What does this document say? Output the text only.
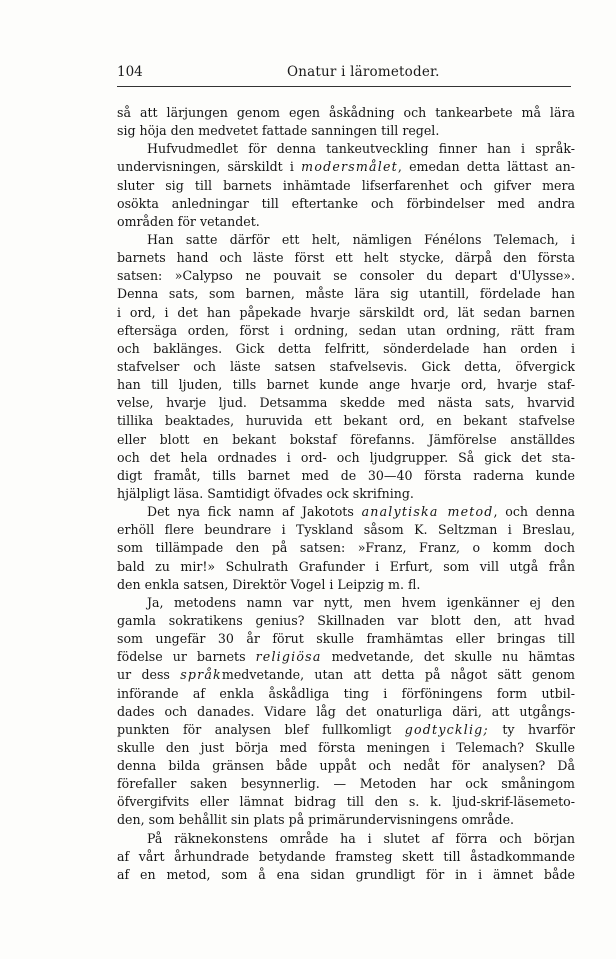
104	Onatur i lärometoder.
så att lärjungen genom egen åskådning och tankearbete må lära
sig höja den medvetet fattade sanningen till regel.
Hufvudmedlet för denna tankeutveckling finner han i språk-
undervisningen, särskildt i modersmålet, emedan detta lättast an-
sluter sig till barnets inhämtade lifserfarenhet och gifver mera
osökta anledningar till eftertanke och förbindelser med andra
områden för vetandet.
Han satte därför ett helt, nämligen Fénélons Telemach, i
barnets hand och läste först ett helt stycke, därpå den första
satsen: »Calypso ne pouvait se consoler du depart d'Ulysse».
Denna sats, som barnen, måste lära sig utantill, fördelade han
i ord, i det han påpekade hvarje särskildt ord, lät sedan barnen
eftersäga orden, först i ordning, sedan utan ordning, rätt fram
och baklänges. Gick detta felfritt, sönderdelade han orden i
stafvelser och läste satsen stafvelsevis. Gick detta, öfvergick
han till ljuden, tills barnet kunde ange hvarje ord, hvarje staf-
velse, hvarje ljud. Detsamma skedde med nästa sats, hvarvid
tillika beaktades, huruvida ett bekant ord, en bekant stafvelse
eller blott en bekant bokstaf förefanns. Jämförelse anställdes
och det hela ordnades i ord- och ljudgrupper. Så gick det sta-
digt framåt, tills barnet med de 30—40 första raderna kunde
hjälpligt läsa. Samtidigt öfvades ock skrifning.
Det nya fick namn af Jakotots analytiska metod, och denna
erhöll flere beundrare i Tyskland såsom K. Seltzman i Breslau,
som tillämpade den på satsen: »Franz, Franz, o komm doch
bald zu mir!» Schulrath Grafunder i Erfurt, som vill utgå från
den enkla satsen, Direktör Vogel i Leipzig m. fl.
Ja, metodens namn var nytt, men hvem igenkänner ej den
gamla sokratikens genius? Skillnaden var blott den, att hvad
som ungefär 30 år förut skulle framhämtas eller bringas till
födelse ur barnets religiösa medvetande, det skulle nu hämtas
ur dess språkmedvetande, utan att detta på något sätt genom
införande af enkla åskådliga ting i förföningens form utbil-
dades och danades. Vidare låg det onaturliga däri, att utgångs-
punkten för analysen blef fullkomligt godtycklig; ty hvarför
skulle den just börja med första meningen i Telemach? Skulle
denna bilda gränsen både uppåt och nedåt för analysen? Då
förefaller saken besynnerlig. — Metoden har ock småningom
öfvergifvits eller lämnat bidrag till den s. k. ljud-skrif-läsemeto-
den, som behållit sin plats på primärundervisningens område.
På räknekonstens område ha i slutet af förra och början
af vårt århundrade betydande framsteg skett till åstadkommande
af en metod, som å ena sidan grundligt för in i ämnet både
